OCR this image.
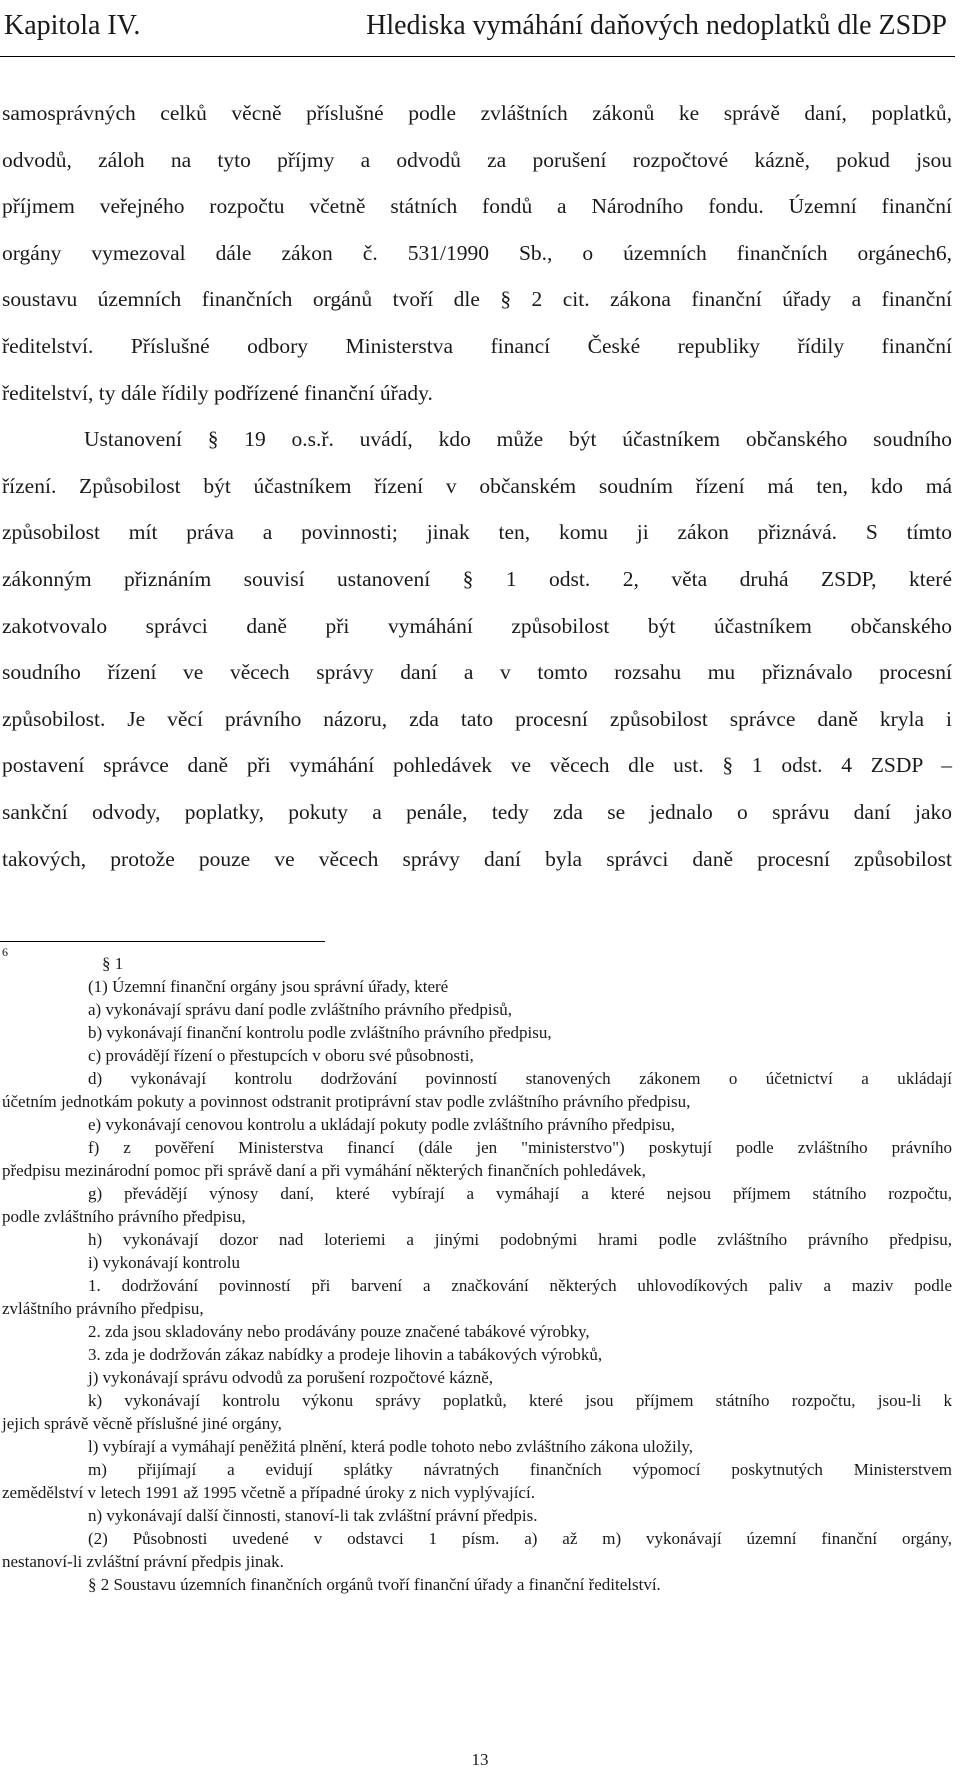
Kapitola IV.	Hlediska vymáhání daňových nedoplatků dle ZSDP
samosprávných celků věcně příslušné podle zvláštních zákonů ke správě daní, poplatků,
odvodů, záloh na tyto příjmy a odvodů za porušení rozpočtové kázně, pokud jsou
příjmem veřejného rozpočtu včetně státních fondů a Národního fondu. Územní finanční
orgány vymezoval dále zákon č. 531/1990 Sb., o územních finančních orgánech6,
soustavu územních finančních orgánů tvoří dle § 2 cit. zákona finanční úřady a finanční
ředitelství. Příslušné odbory Ministerstva financí České republiky řídily finanční
ředitelství, ty dále řídily podřízené finanční úřady.
Ustanovení § 19 o.s.ř. uvádí, kdo může být účastníkem občanského soudního
řízení. Způsobilost být účastníkem řízení v občanském soudním řízení má ten, kdo má
způsobilost mít práva a povinnosti; jinak ten, komu ji zákon přiznává. S tímto
zákonným přiznáním souvisí ustanovení § 1 odst. 2, věta druhá ZSDP, které
zakotvovalo správci daně při vymáhání způsobilost být účastníkem občanského
soudního řízení ve věcech správy daní a v tomto rozsahu mu přiznávalo procesní
způsobilost. Je věcí právního názoru, zda tato procesní způsobilost správce daně kryla i
postavení správce daně při vymáhání pohledávek ve věcech dle ust. § 1 odst. 4 ZSDP –
sankční odvody, poplatky, pokuty a penále, tedy zda se jednalo o správu daní jako
takových, protože pouze ve věcech správy daní byla správci daně procesní způsobilost
6
§ 1
(1) Územní finanční orgány jsou správní úřady, které
a) vykonávají správu daní podle zvláštního právního předpisů,
b) vykonávají finanční kontrolu podle zvláštního právního předpisu,
c) provádějí řízení o přestupcích v oboru své působnosti,
d) vykonávají kontrolu dodržování povinností stanovených zákonem o účetnictví a ukládají
účetním jednotkám pokuty a povinnost odstranit protiprávní stav podle zvláštního právního předpisu,
e) vykonávají cenovou kontrolu a ukládají pokuty podle zvláštního právního předpisu,
f) z pověření Ministerstva financí (dále jen "ministerstvo") poskytují podle zvláštního právního
předpisu mezinárodní pomoc při správě daní a při vymáhání některých finančních pohledávek,
g) převádějí výnosy daní, které vybírají a vymáhají a které nejsou příjmem státního rozpočtu,
podle zvláštního právního předpisu,
h) vykonávají dozor nad loteriemi a jinými podobnými hrami podle zvláštního právního předpisu,
i) vykonávají kontrolu
1. dodržování povinností při barvení a značkování některých uhlovodíkových paliv a maziv podle
zvláštního právního předpisu,
2. zda jsou skladovány nebo prodávány pouze značené tabákové výrobky,
3. zda je dodržován zákaz nabídky a prodeje lihovin a tabákových výrobků,
j) vykonávají správu odvodů za porušení rozpočtové kázně,
k) vykonávají kontrolu výkonu správy poplatků, které jsou příjmem státního rozpočtu, jsou-li k
jejich správě věcně příslušné jiné orgány,
l) vybírají a vymáhají peněžitá plnění, která podle tohoto nebo zvláštního zákona uložily,
m) přijímají a evidují splátky návratných finančních výpomocí poskytnutých Ministerstvem
zemědělství v letech 1991 až 1995 včetně a případné úroky z nich vyplývající.
n) vykonávají další činnosti, stanoví-li tak zvláštní právní předpis.
(2) Působnosti uvedené v odstavci 1 písm. a) až m) vykonávají územní finanční orgány,
nestanoví-li zvláštní právní předpis jinak.
§ 2 Soustavu územních finančních orgánů tvoří finanční úřady a finanční ředitelství.
13
